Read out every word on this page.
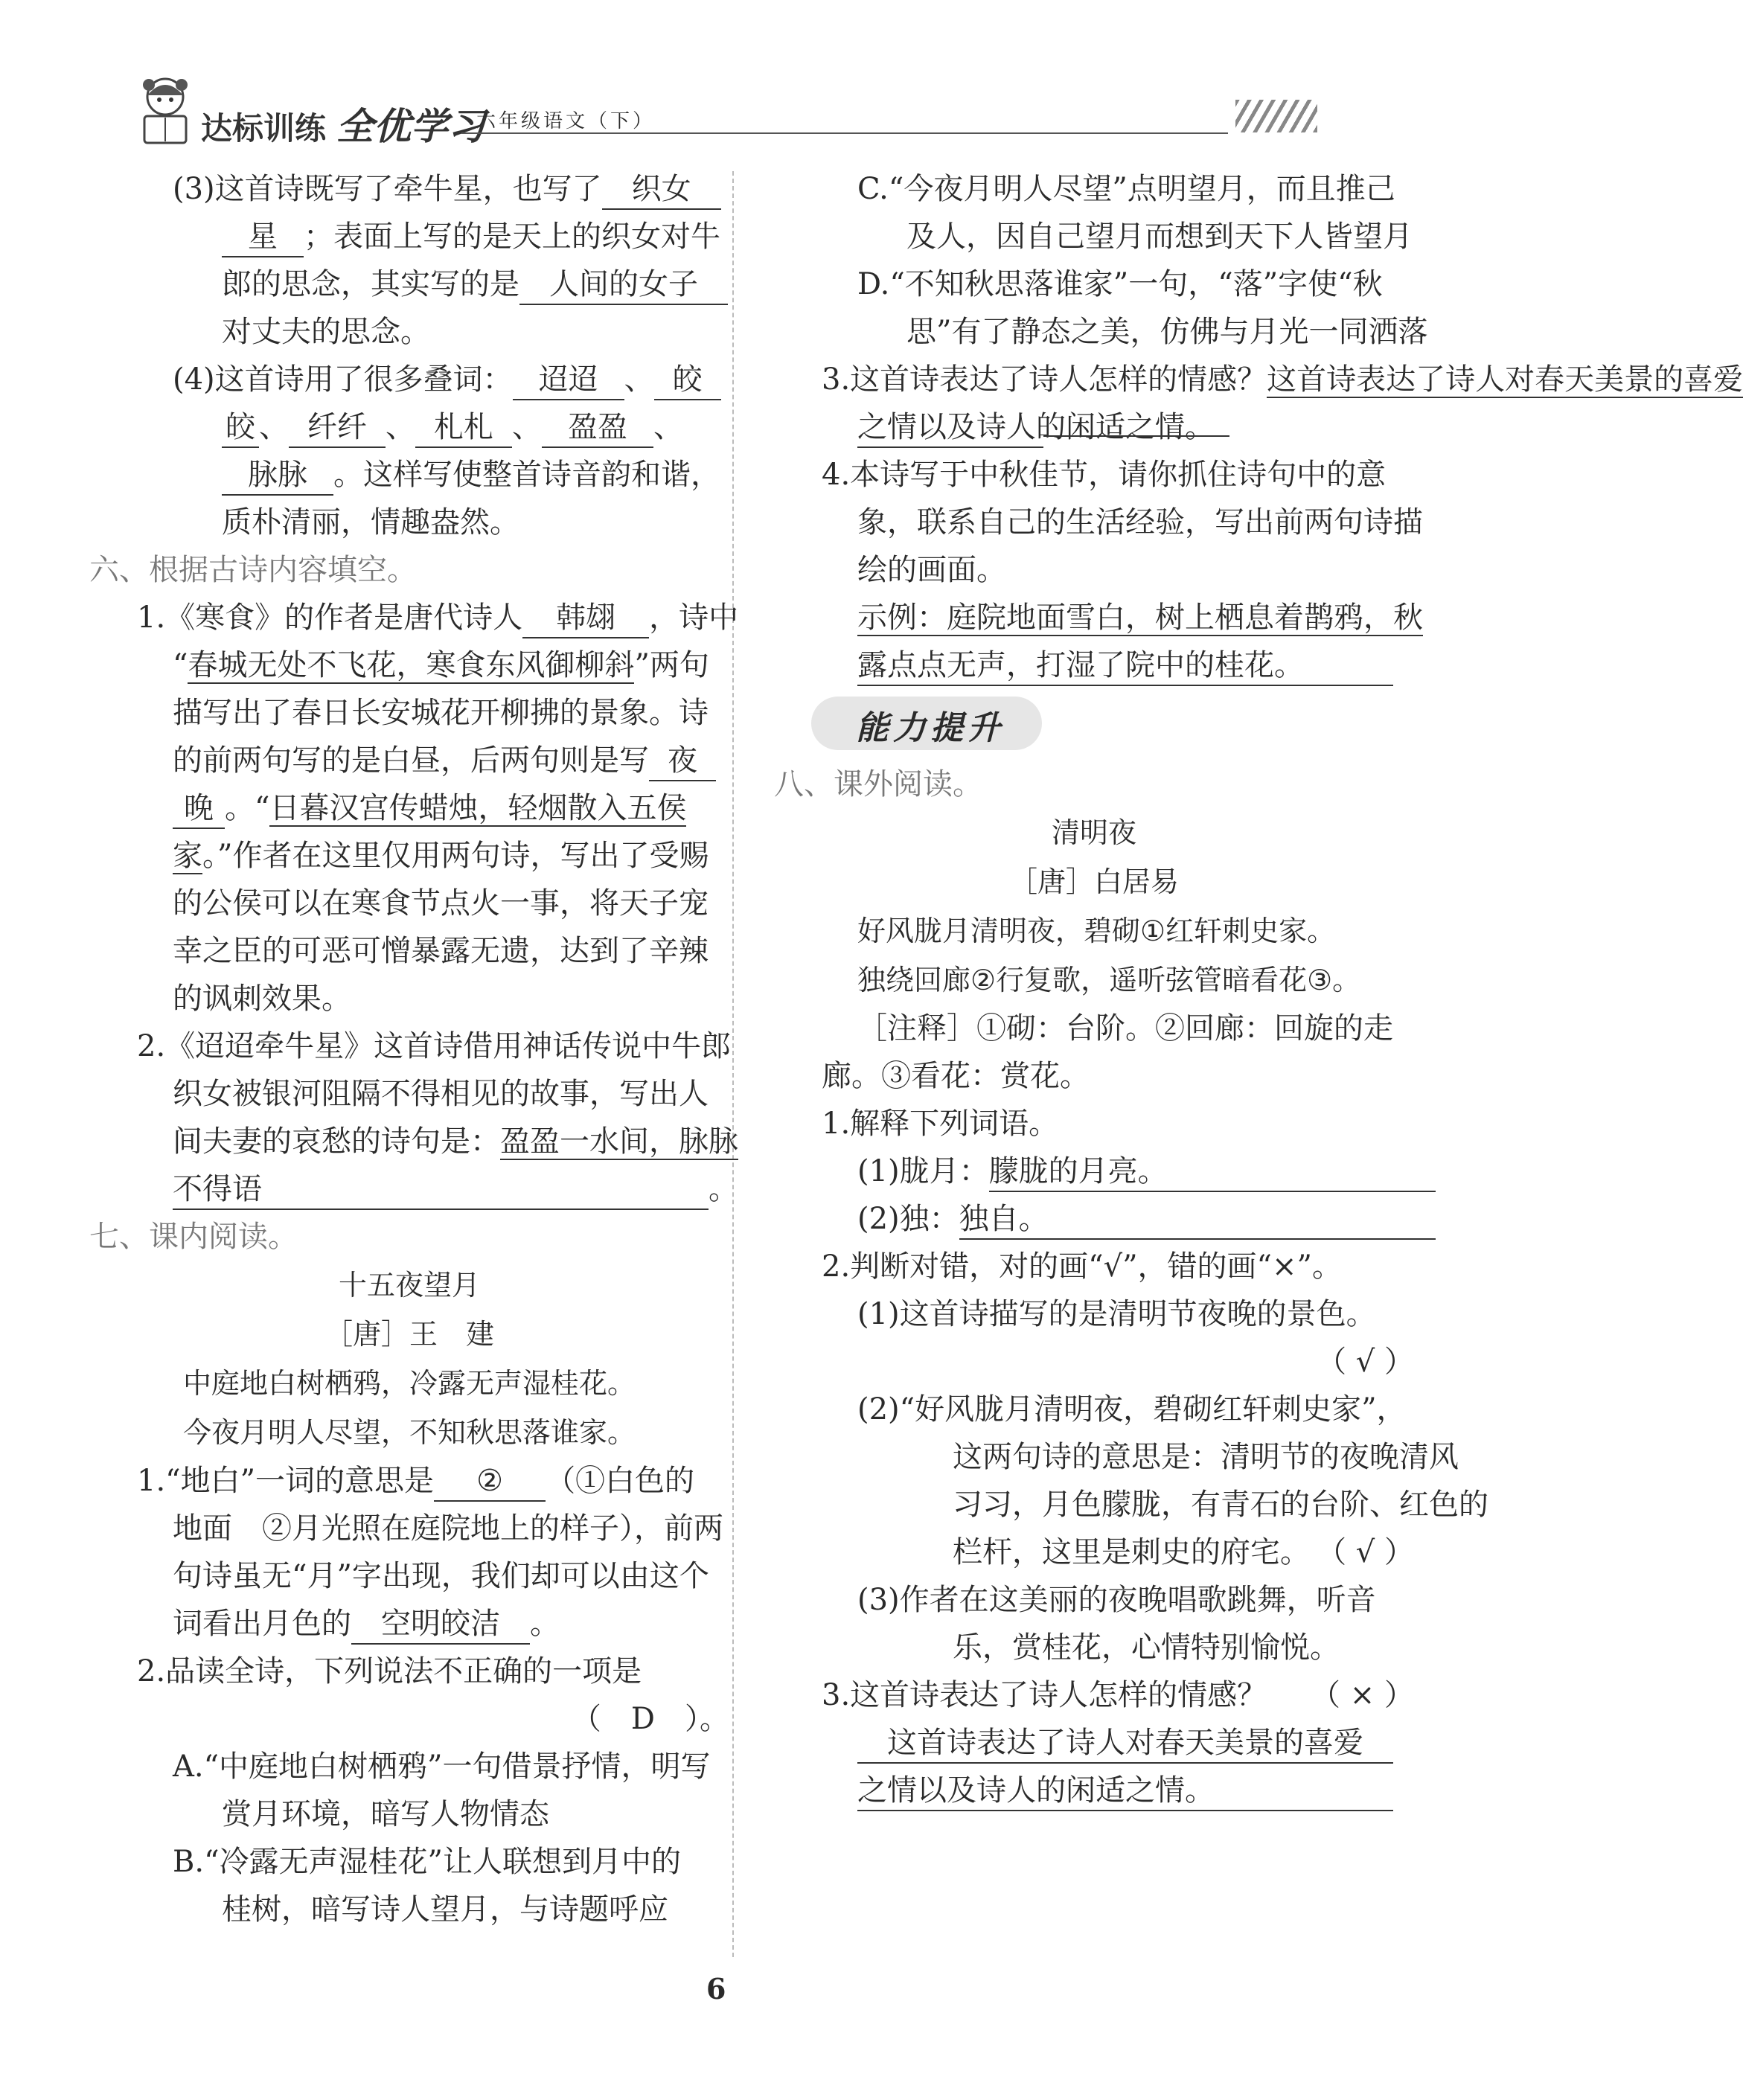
达标训练 全优学习
六年级语文（下）
(3)这首诗既写了牵牛星，也写了 织女
星 ；表面上写的是天上的织女对牛
郎的思念，其实写的是 人间的女子
对丈夫的思念。
(4)这首诗用了很多叠词： 迢迢 、 皎
皎 、 纤纤 、 札札 、 盈盈 、
脉脉 。这样写使整首诗音韵和谐，
质朴清丽，情趣盎然。
六、根据古诗内容填空。
1.《寒食》的作者是唐代诗人 韩翃 ，诗中
“春城无处不飞花，寒食东风御柳斜”两句
描写出了春日长安城花开柳拂的景象。诗
的前两句写的是白昼，后两句则是写 夜
晚 。“日暮汉宫传蜡烛，轻烟散入五侯
家。”作者在这里仅用两句诗，写出了受赐
的公侯可以在寒食节点火一事，将天子宠
幸之臣的可恶可憎暴露无遗，达到了辛辣
的讽刺效果。
2.《迢迢牵牛星》这首诗借用神话传说中牛郎
织女被银河阻隔不得相见的故事，写出人
间夫妻的哀愁的诗句是：盈盈一水间，脉脉
不得语	。
七、课内阅读。
十五夜望月
［唐］王　建
中庭地白树栖鸦，冷露无声湿桂花。
今夜月明人尽望，不知秋思落谁家。
1.“地白”一词的意思是 ② （①白色的
地面　②月光照在庭院地上的样子），前两
句诗虽无“月”字出现，我们却可以由这个
词看出月色的 空明皎洁 。
2.品读全诗，下列说法不正确的一项是
（　D　）。
A.“中庭地白树栖鸦”一句借景抒情，明写
赏月环境，暗写人物情态
B.“冷露无声湿桂花”让人联想到月中的
桂树，暗写诗人望月，与诗题呼应
C.“今夜月明人尽望”点明望月，而且推己
及人，因自己望月而想到天下人皆望月
D.“不知秋思落谁家”一句，“落”字使“秋
思”有了静态之美，仿佛与月光一同洒落
3.这首诗表达了诗人怎样的情感？这首诗表达了诗人对春天美景的喜爱
之情以及诗人的闲适之情。
4.本诗写于中秋佳节，请你抓住诗句中的意
象，联系自己的生活经验，写出前两句诗描
绘的画面。
示例：庭院地面雪白，树上栖息着鹊鸦，秋
露点点无声，打湿了院中的桂花。
能力提升
八、课外阅读。
清明夜
［唐］白居易
好风胧月清明夜，碧砌①红轩刺史家。
独绕回廊②行复歌，遥听弦管暗看花③。
［注释］①砌：台阶。②回廊：回旋的走
廊。③看花：赏花。
1.解释下列词语。
(1)胧月：朦胧的月亮。
(2)独：独自。
2.判断对错，对的画“√”，错的画“×”。
(1)这首诗描写的是清明节夜晚的景色。
（ √ ）
(2)“好风胧月清明夜，碧砌红轩刺史家”，
这两句诗的意思是：清明节的夜晚清风
习习，月色朦胧，有青石的台阶、红色的
栏杆，这里是刺史的府宅。 （ √ ）
(3)作者在这美丽的夜晚唱歌跳舞，听音
乐，赏桂花，心情特别愉悦。
（ × ）
3.这首诗表达了诗人怎样的情感？
这首诗表达了诗人对春天美景的喜爱
之情以及诗人的闲适之情。
6
